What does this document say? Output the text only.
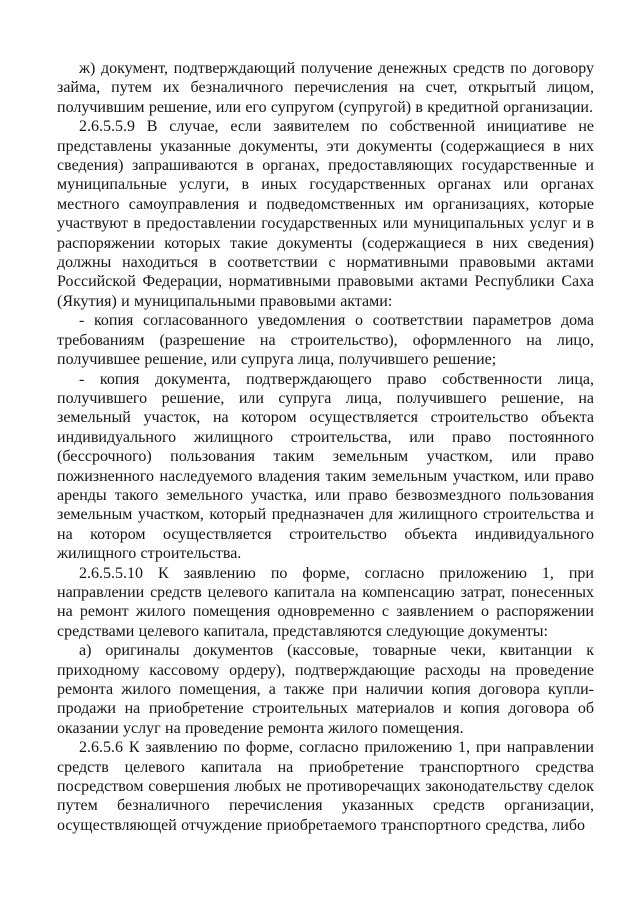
ж) документ, подтверждающий получение денежных средств по договору займа, путем их безналичного перечисления на счет, открытый лицом, получившим решение, или его супругом (супругой) в кредитной организации.

2.6.5.5.9 В случае, если заявителем по собственной инициативе не представлены указанные документы, эти документы (содержащиеся в них сведения) запрашиваются в органах, предоставляющих государственные и муниципальные услуги, в иных государственных органах или органах местного самоуправления и подведомственных им организациях, которые участвуют в предоставлении государственных или муниципальных услуг и в распоряжении которых такие документы (содержащиеся в них сведения) должны находиться в соответствии с нормативными правовыми актами Российской Федерации, нормативными правовыми актами Республики Саха (Якутия) и муниципальными правовыми актами:

- копия согласованного уведомления о соответствии параметров дома требованиям (разрешение на строительство), оформленного на лицо, получившее решение, или супруга лица, получившего решение;

- копия документа, подтверждающего право собственности лица, получившего решение, или супруга лица, получившего решение, на земельный участок, на котором осуществляется строительство объекта индивидуального жилищного строительства, или право постоянного (бессрочного) пользования таким земельным участком, или право пожизненного наследуемого владения таким земельным участком, или право аренды такого земельного участка, или право безвозмездного пользования земельным участком, который предназначен для жилищного строительства и на котором осуществляется строительство объекта индивидуального жилищного строительства.

2.6.5.5.10 К заявлению по форме, согласно приложению 1, при направлении средств целевого капитала на компенсацию затрат, понесенных на ремонт жилого помещения одновременно с заявлением о распоряжении средствами целевого капитала, представляются следующие документы:

а) оригиналы документов (кассовые, товарные чеки, квитанции к приходному кассовому ордеру), подтверждающие расходы на проведение ремонта жилого помещения, а также при наличии копия договора купли-продажи на приобретение строительных материалов и копия договора об оказании услуг на проведение ремонта жилого помещения.

2.6.5.6 К заявлению по форме, согласно приложению 1, при направлении средств целевого капитала на приобретение транспортного средства посредством совершения любых не противоречащих законодательству сделок путем безналичного перечисления указанных средств организации, осуществляющей отчуждение приобретаемого транспортного средства, либо
